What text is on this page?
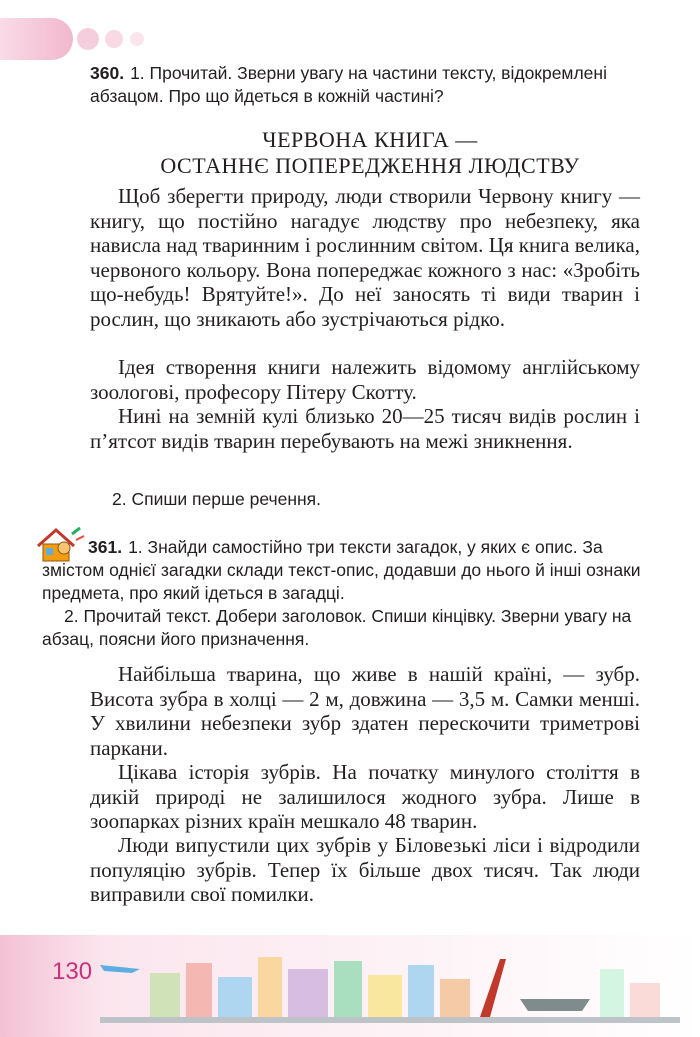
360. 1. Прочитай. Зверни увагу на частини тексту, відокремлені абзацом. Про що йдеться в кожній частині?
ЧЕРВОНА КНИГА —
ОСТАННЄ ПОПЕРЕДЖЕННЯ ЛЮДСТВУ
Щоб зберегти природу, люди створили Червону книгу — книгу, що постійно нагадує людству про небезпеку, яка нависла над тваринним і рослинним світом. Ця книга велика, червоного кольору. Вона попереджає кожного з нас: «Зробіть що-небудь! Врятуйте!». До неї заносять ті види тварин і рослин, що зникають або зустрічаються рідко.
Ідея створення книги належить відомому англійському зоологові, професору Пітеру Скотту.
Нині на земній кулі близько 20—25 тисяч видів рослин і п’ятсот видів тварин перебувають на межі зникнення.
2. Спиши перше речення.

361. 1. Знайди самостійно три тексти загадок, у яких є опис. За змістом однієї загадки склади текст-опис, додавши до нього й інші ознаки предмета, про який ідеться в загадці.

2. Прочитай текст. Добери заголовок. Спиши кінцівку. Зверни увагу на абзац, поясни його призначення.

Найбільша тварина, що живе в нашій країні, — зубр. Висота зубра в холці — 2 м, довжина — 3,5 м. Самки менші. У хвилини небезпеки зубр здатен перескочити триметрові паркани.
Цікава історія зубрів. На початку минулого століття в дикій природі не залишилося жодного зубра. Лише в зоопарках різних країн мешкало 48 тварин.
Люди випустили цих зубрів у Біловезькі ліси і відродили популяцію зубрів. Тепер їх більше двох тисяч. Так люди виправили свої помилки.
130
